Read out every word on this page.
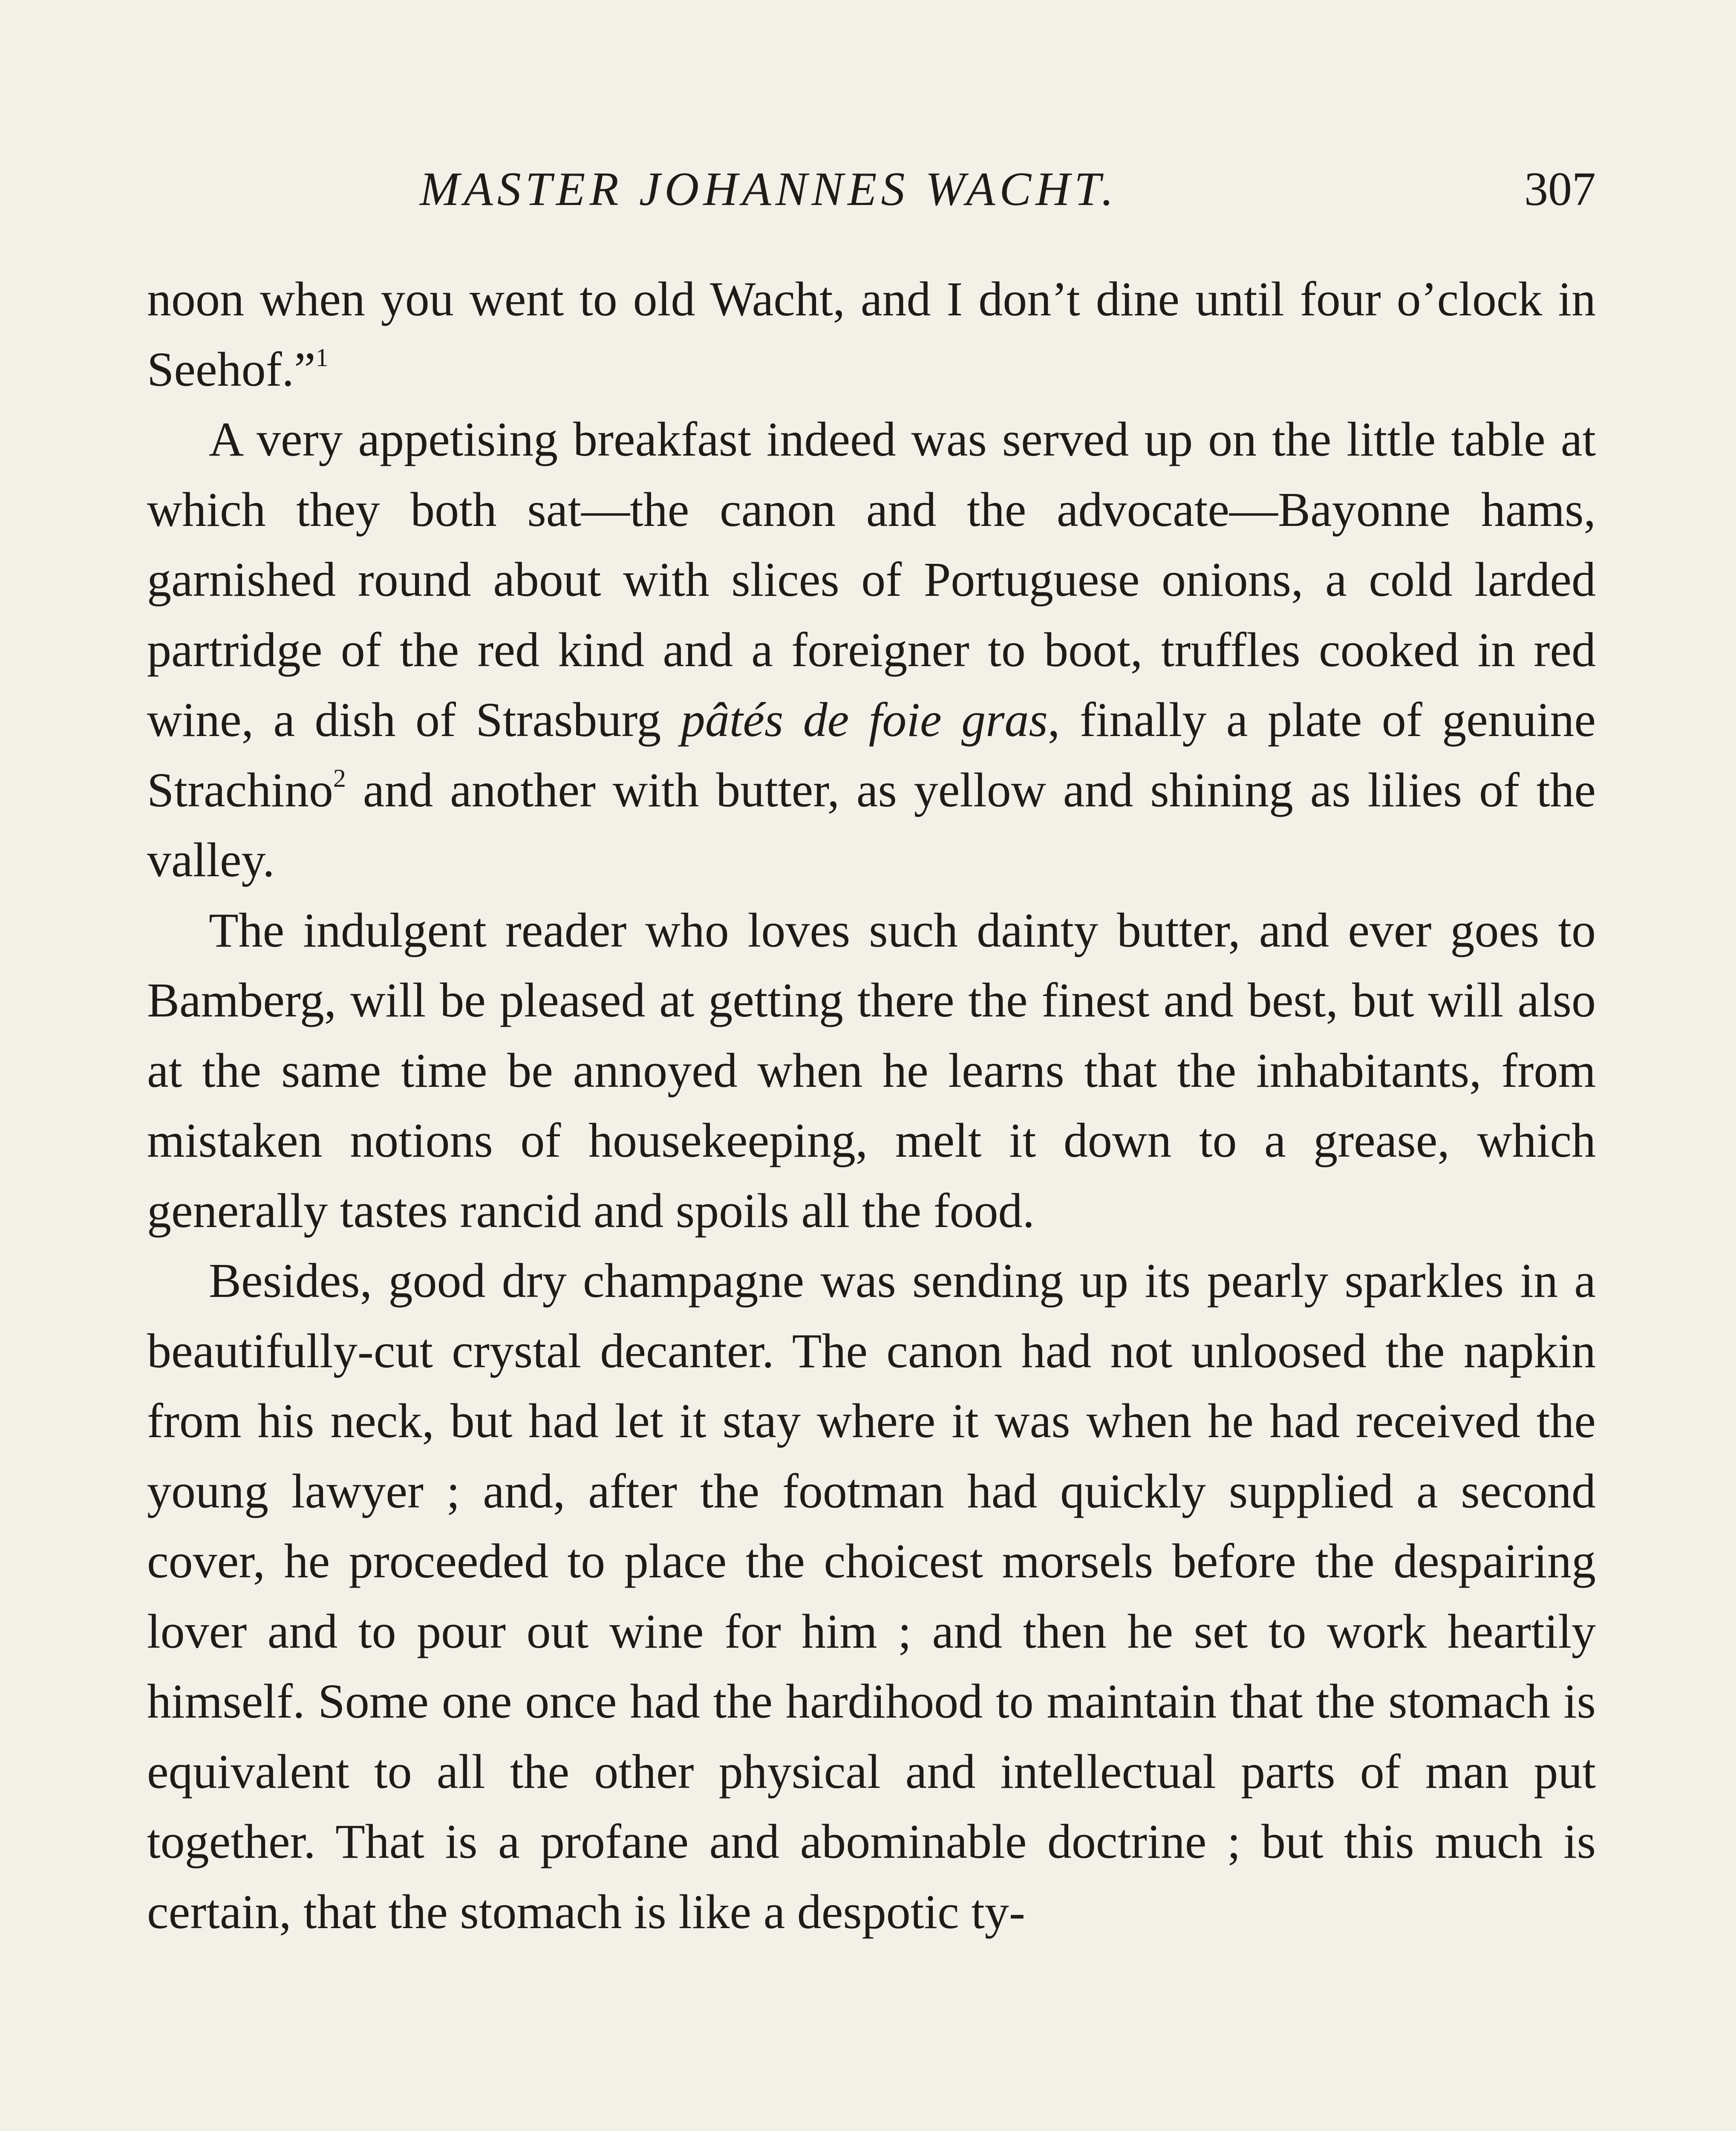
MASTER JOHANNES WACHT.	307

noon when you went to old Wacht, and I don’t dine until four o’clock in Seehof.”$^1$

A very appetising breakfast indeed was served up on the little table at which they both sat—the canon and the advocate—Bayonne hams, garnished round about with slices of Portuguese onions, a cold larded partridge of the red kind and a foreigner to boot, truffles cooked in red wine, a dish of Strasburg pâtés de foie gras, finally a plate of genuine Strachino$^2$ and another with butter, as yellow and shining as lilies of the valley.

The indulgent reader who loves such dainty butter, and ever goes to Bamberg, will be pleased at getting there the finest and best, but will also at the same time be annoyed when he learns that the inhabitants, from mistaken notions of housekeeping, melt it down to a grease, which generally tastes rancid and spoils all the food.

Besides, good dry champagne was sending up its pearly sparkles in a beautifully-cut crystal decanter. The canon had not unloosed the napkin from his neck, but had let it stay where it was when he had received the young lawyer ; and, after the footman had quickly supplied a second cover, he proceeded to place the choicest morsels before the despairing lover and to pour out wine for him ; and then he set to work heartily himself. Some one once had the hardihood to maintain that the stomach is equivalent to all the other physical and intellectual parts of man put together. That is a profane and abominable doctrine ; but this much is certain, that the stomach is like a despotic ty-
